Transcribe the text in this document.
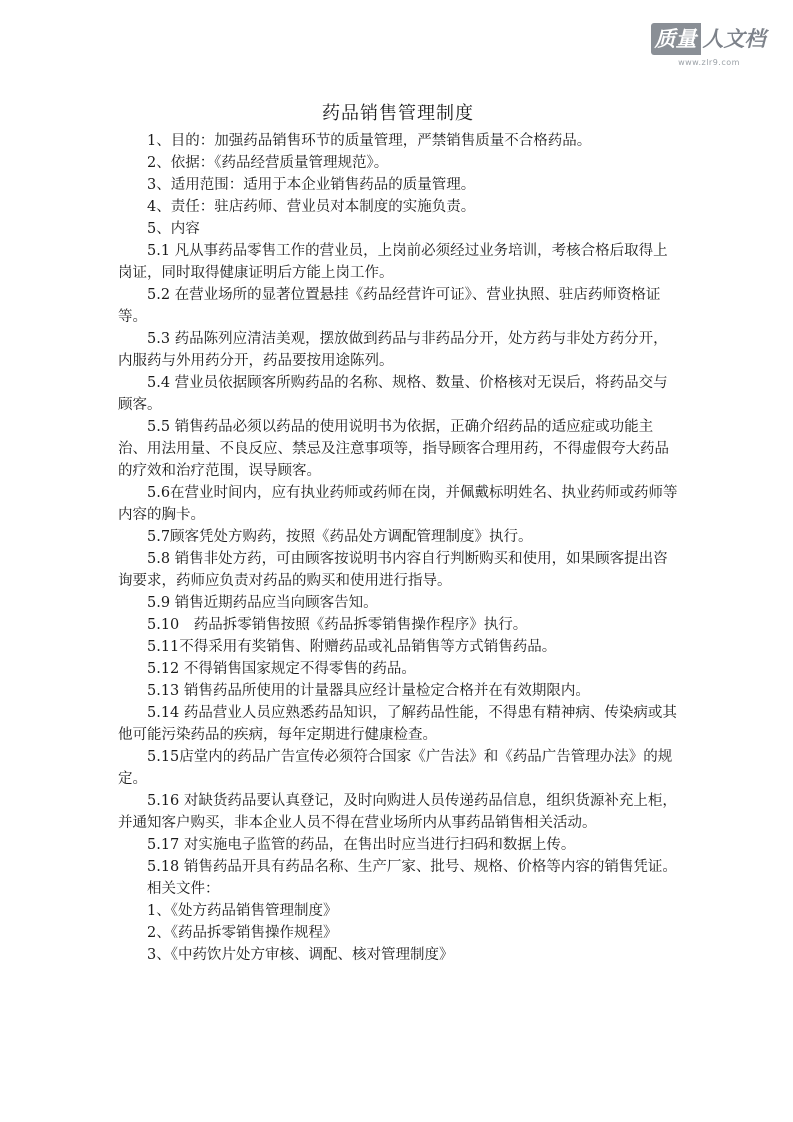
质量 人文档
www.zlr9.com
药品销售管理制度

1、目的：加强药品销售环节的质量管理，严禁销售质量不合格药品。

2、依据：《药品经营质量管理规范》。

3、适用范围：适用于本企业销售药品的质量管理。

4、责任：驻店药师、营业员对本制度的实施负责。

5、内容

5.1 凡从事药品零售工作的营业员，上岗前必须经过业务培训，考核合格后取得上岗证，同时取得健康证明后方能上岗工作。

5.2 在营业场所的显著位置悬挂《药品经营许可证》、营业执照、驻店药师资格证等。

5.3 药品陈列应清洁美观，摆放做到药品与非药品分开，处方药与非处方药分开，内服药与外用药分开，药品要按用途陈列。

5.4 营业员依据顾客所购药品的名称、规格、数量、价格核对无误后，将药品交与顾客。

5.5 销售药品必须以药品的使用说明书为依据，正确介绍药品的适应症或功能主治、用法用量、不良反应、禁忌及注意事项等，指导顾客合理用药，不得虚假夸大药品的疗效和治疗范围，误导顾客。

5.6在营业时间内，应有执业药师或药师在岗，并佩戴标明姓名、执业药师或药师等内容的胸卡。

5.7顾客凭处方购药，按照《药品处方调配管理制度》执行。

5.8 销售非处方药，可由顾客按说明书内容自行判断购买和使用，如果顾客提出咨询要求，药师应负责对药品的购买和使用进行指导。

5.9 销售近期药品应当向顾客告知。

5.10　药品拆零销售按照《药品拆零销售操作程序》执行。

5.11不得采用有奖销售、附赠药品或礼品销售等方式销售药品。

5.12 不得销售国家规定不得零售的药品。

5.13 销售药品所使用的计量器具应经计量检定合格并在有效期限内。

5.14 药品营业人员应熟悉药品知识，了解药品性能，不得患有精神病、传染病或其他可能污染药品的疾病，每年定期进行健康检查。

5.15店堂内的药品广告宣传必须符合国家《广告法》和《药品广告管理办法》的规定。

5.16 对缺货药品要认真登记，及时向购进人员传递药品信息，组织货源补充上柜，并通知客户购买，非本企业人员不得在营业场所内从事药品销售相关活动。

5.17 对实施电子监管的药品，在售出时应当进行扫码和数据上传。

5.18 销售药品开具有药品名称、生产厂家、批号、规格、价格等内容的销售凭证。

相关文件：

1、《处方药品销售管理制度》

2、《药品拆零销售操作规程》

3、《中药饮片处方审核、调配、核对管理制度》
